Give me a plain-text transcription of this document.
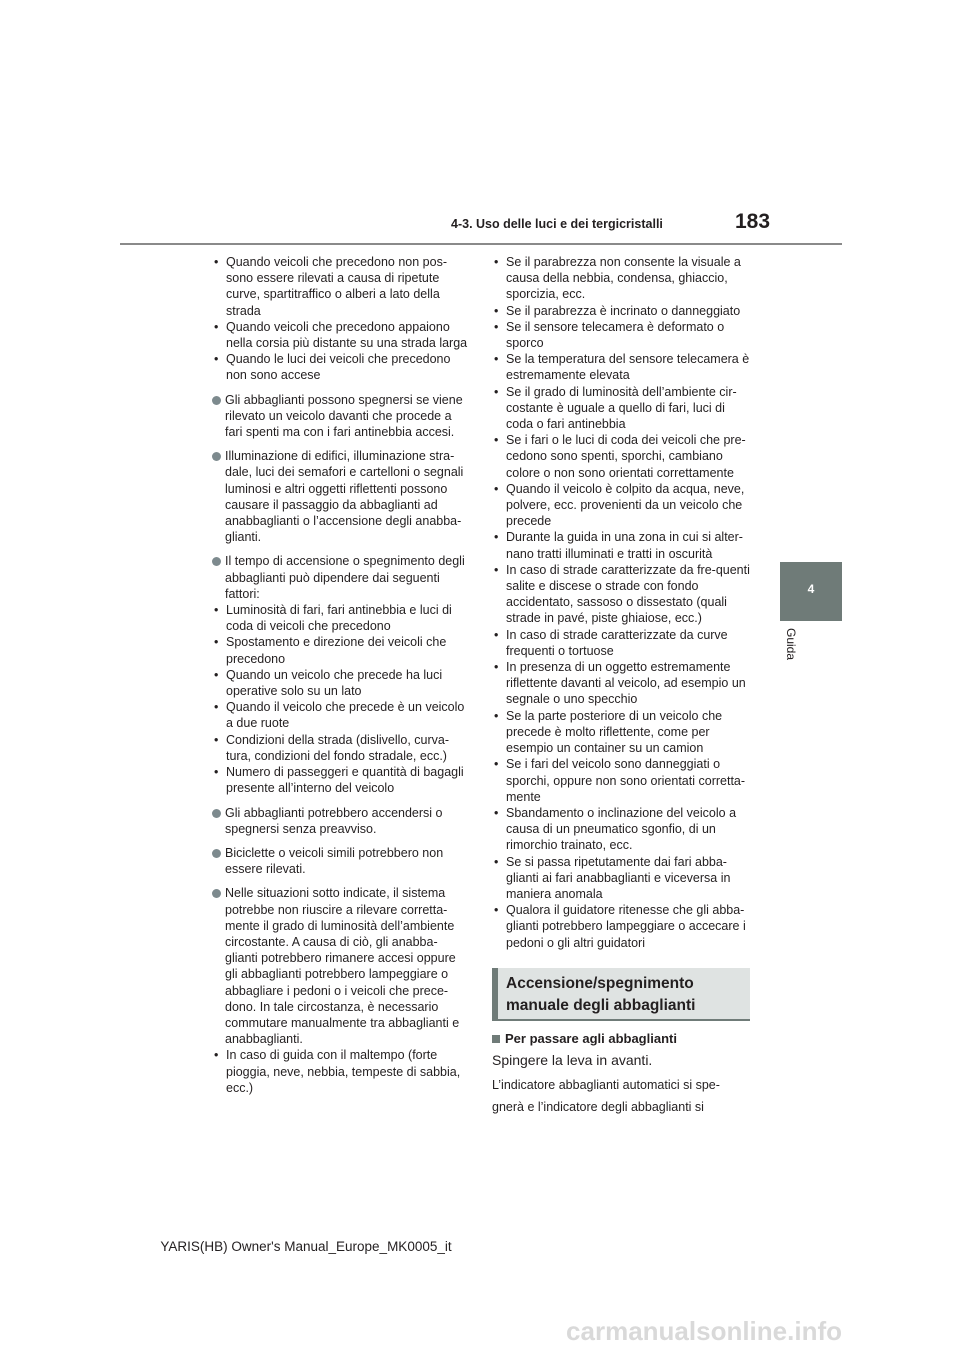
4-3. Uso delle luci e dei tergicristalli	183
4
Guida
• Quando veicoli che precedono non pos-sono essere rilevati a causa di ripetute curve, spartitraffico o alberi a lato della strada
• Quando veicoli che precedono appaiono nella corsia più distante su una strada larga
• Quando le luci dei veicoli che precedono non sono accese
Gli abbaglianti possono spegnersi se viene rilevato un veicolo davanti che procede a fari spenti ma con i fari antinebbia accesi.
Illuminazione di edifici, illuminazione stra-dale, luci dei semafori e cartelloni o segnali luminosi e altri oggetti riflettenti possono causare il passaggio da abbaglianti ad anabbaglianti o l’accensione degli anabba-glianti.
Il tempo di accensione o spegnimento degli abbaglianti può dipendere dai seguenti fattori:
• Luminosità di fari, fari antinebbia e luci di coda di veicoli che precedono
• Spostamento e direzione dei veicoli che precedono
• Quando un veicolo che precede ha luci operative solo su un lato
• Quando il veicolo che precede è un veicolo a due ruote
• Condizioni della strada (dislivello, curva-tura, condizioni del fondo stradale, ecc.)
• Numero di passeggeri e quantità di bagagli presente all’interno del veicolo
Gli abbaglianti potrebbero accendersi o spegnersi senza preavviso.
Biciclette o veicoli simili potrebbero non essere rilevati.
Nelle situazioni sotto indicate, il sistema potrebbe non riuscire a rilevare corretta-mente il grado di luminosità dell’ambiente circostante. A causa di ciò, gli anabba-glianti potrebbero rimanere accesi oppure gli abbaglianti potrebbero lampeggiare o abbagliare i pedoni o i veicoli che prece-dono. In tale circostanza, è necessario commutare manualmente tra abbaglianti e anabbaglianti.
• In caso di guida con il maltempo (forte pioggia, neve, nebbia, tempeste di sabbia, ecc.)
• Se il parabrezza non consente la visuale a causa della nebbia, condensa, ghiaccio, sporcizia, ecc.
• Se il parabrezza è incrinato o danneggiato
• Se il sensore telecamera è deformato o sporco
• Se la temperatura del sensore telecamera è estremamente elevata
• Se il grado di luminosità dell’ambiente cir-costante è uguale a quello di fari, luci di coda o fari antinebbia
• Se i fari o le luci di coda dei veicoli che pre-cedono sono spenti, sporchi, cambiano colore o non sono orientati correttamente
• Quando il veicolo è colpito da acqua, neve, polvere, ecc. provenienti da un veicolo che precede
• Durante la guida in una zona in cui si alter-nano tratti illuminati e tratti in oscurità
• In caso di strade caratterizzate da fre-quenti salite e discese o strade con fondo accidentato, sassoso o dissestato (quali strade in pavé, piste ghiaiose, ecc.)
• In caso di strade caratterizzate da curve frequenti o tortuose
• In presenza di un oggetto estremamente riflettente davanti al veicolo, ad esempio un segnale o uno specchio
• Se la parte posteriore di un veicolo che precede è molto riflettente, come per esempio un container su un camion
• Se i fari del veicolo sono danneggiati o sporchi, oppure non sono orientati corretta-mente
• Sbandamento o inclinazione del veicolo a causa di un pneumatico sgonfio, di un rimorchio trainato, ecc.
• Se si passa ripetutamente dai fari abba-glianti ai fari anabbaglianti e viceversa in maniera anomala
• Qualora il guidatore ritenesse che gli abba-glianti potrebbero lampeggiare o accecare i pedoni o gli altri guidatori
Accensione/spegnimento
manuale degli abbaglianti
Per passare agli abbaglianti
Spingere la leva in avanti.
L’indicatore abbaglianti automatici si spe-
gnerà e l’indicatore degli abbaglianti si
YARIS(HB) Owner's Manual_Europe_MK0005_it
carmanualsonline.info
